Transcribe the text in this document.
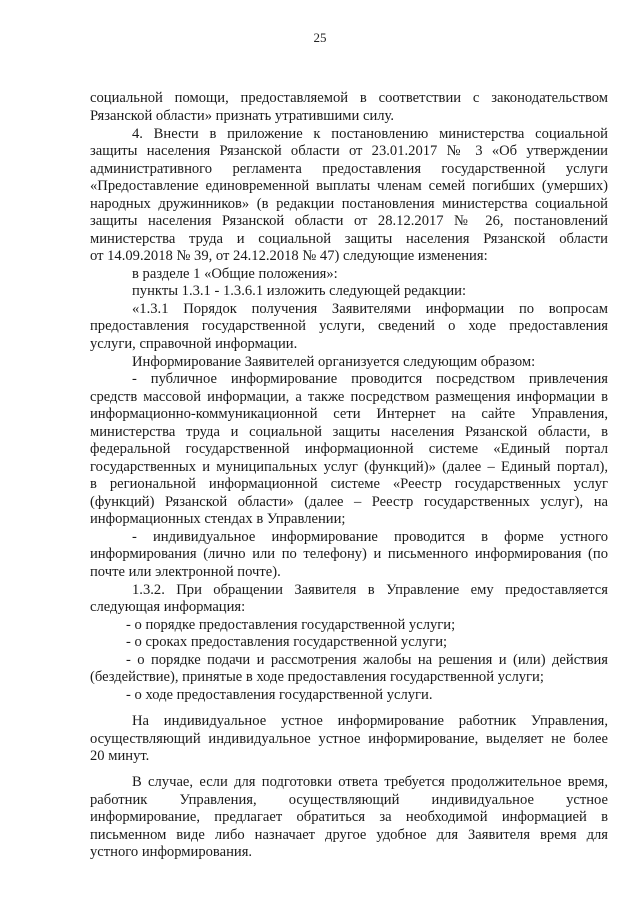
25
социальной помощи, предоставляемой в соответствии с законодательством
Рязанской области» признать утратившими силу.
4. Внести в приложение к постановлению министерства социальной
защиты населения Рязанской области от 23.01.2017 № 3 «Об утверждении
административного регламента предоставления государственной услуги
«Предоставление единовременной выплаты членам семей погибших (умерших)
народных дружинников» (в редакции постановления министерства социальной
защиты населения Рязанской области от 28.12.2017 № 26, постановлений
министерства труда и социальной защиты населения Рязанской области
от 14.09.2018 № 39, от 24.12.2018 № 47) следующие изменения:
в разделе 1 «Общие положения»:
пункты 1.3.1 - 1.3.6.1 изложить следующей редакции:
«1.3.1 Порядок получения Заявителями информации по вопросам
предоставления государственной услуги, сведений о ходе предоставления
услуги, справочной информации.
Информирование Заявителей организуется следующим образом:
- публичное информирование проводится посредством привлечения
средств массовой информации, а также посредством размещения информации в
информационно-коммуникационной сети Интернет на сайте Управления,
министерства труда и социальной защиты населения Рязанской области, в
федеральной государственной информационной системе «Единый портал
государственных и муниципальных услуг (функций)» (далее – Единый портал),
в региональной информационной системе «Реестр государственных услуг
(функций) Рязанской области» (далее – Реестр государственных услуг), на
информационных стендах в Управлении;
- индивидуальное информирование проводится в форме устного
информирования (лично или по телефону) и письменного информирования (по
почте или электронной почте).
1.3.2. При обращении Заявителя в Управление ему предоставляется
следующая информация:
- о порядке предоставления государственной услуги;
- о сроках предоставления государственной услуги;
- о порядке подачи и рассмотрения жалобы на решения и (или) действия
(бездействие), принятые в ходе предоставления государственной услуги;
- о ходе предоставления государственной услуги.
На индивидуальное устное информирование работник Управления,
осуществляющий индивидуальное устное информирование, выделяет не более
20 минут.
В случае, если для подготовки ответа требуется продолжительное время,
работник Управления, осуществляющий индивидуальное устное
информирование, предлагает обратиться за необходимой информацией в
письменном виде либо назначает другое удобное для Заявителя время для
устного информирования.
